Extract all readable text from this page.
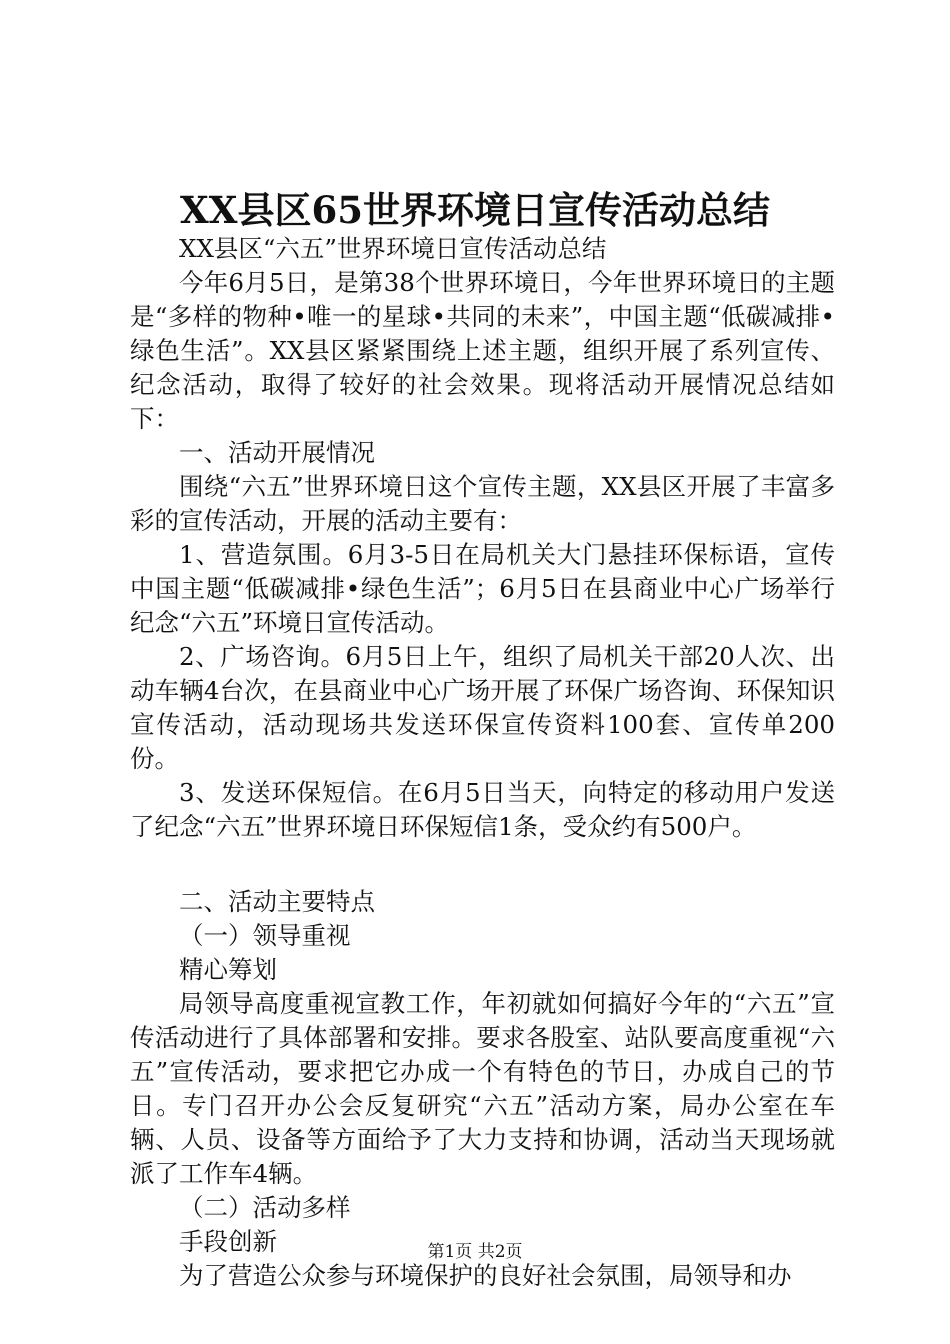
XX县区65世界环境日宣传活动总结

XX县区“六五”世界环境日宣传活动总结

今年6月5日，是第38个世界环境日，今年世界环境日的主题是“多样的物种•唯一的星球•共同的未来”，中国主题“低碳减排•绿色生活”。XX县区紧紧围绕上述主题，组织开展了系列宣传、纪念活动，取得了较好的社会效果。现将活动开展情况总结如下：

一、活动开展情况

围绕“六五”世界环境日这个宣传主题，XX县区开展了丰富多彩的宣传活动，开展的活动主要有：

1、营造氛围。6月3-5日在局机关大门悬挂环保标语，宣传中国主题“低碳减排•绿色生活”；6月5日在县商业中心广场举行纪念“六五”环境日宣传活动。

2、广场咨询。6月5日上午，组织了局机关干部20人次、出动车辆4台次，在县商业中心广场开展了环保广场咨询、环保知识宣传活动，活动现场共发送环保宣传资料100套、宣传单200份。

3、发送环保短信。在6月5日当天，向特定的移动用户发送了纪念“六五”世界环境日环保短信1条，受众约有500户。

二、活动主要特点

（一）领导重视

精心筹划

局领导高度重视宣教工作，年初就如何搞好今年的“六五”宣传活动进行了具体部署和安排。要求各股室、站队要高度重视“六五”宣传活动，要求把它办成一个有特色的节日，办成自己的节日。专门召开办公会反复研究“六五”活动方案，局办公室在车辆、人员、设备等方面给予了大力支持和协调，活动当天现场就派了工作车4辆。

（二）活动多样

手段创新

为了营造公众参与环境保护的良好社会氛围，局领导和办

第1页 共2页
